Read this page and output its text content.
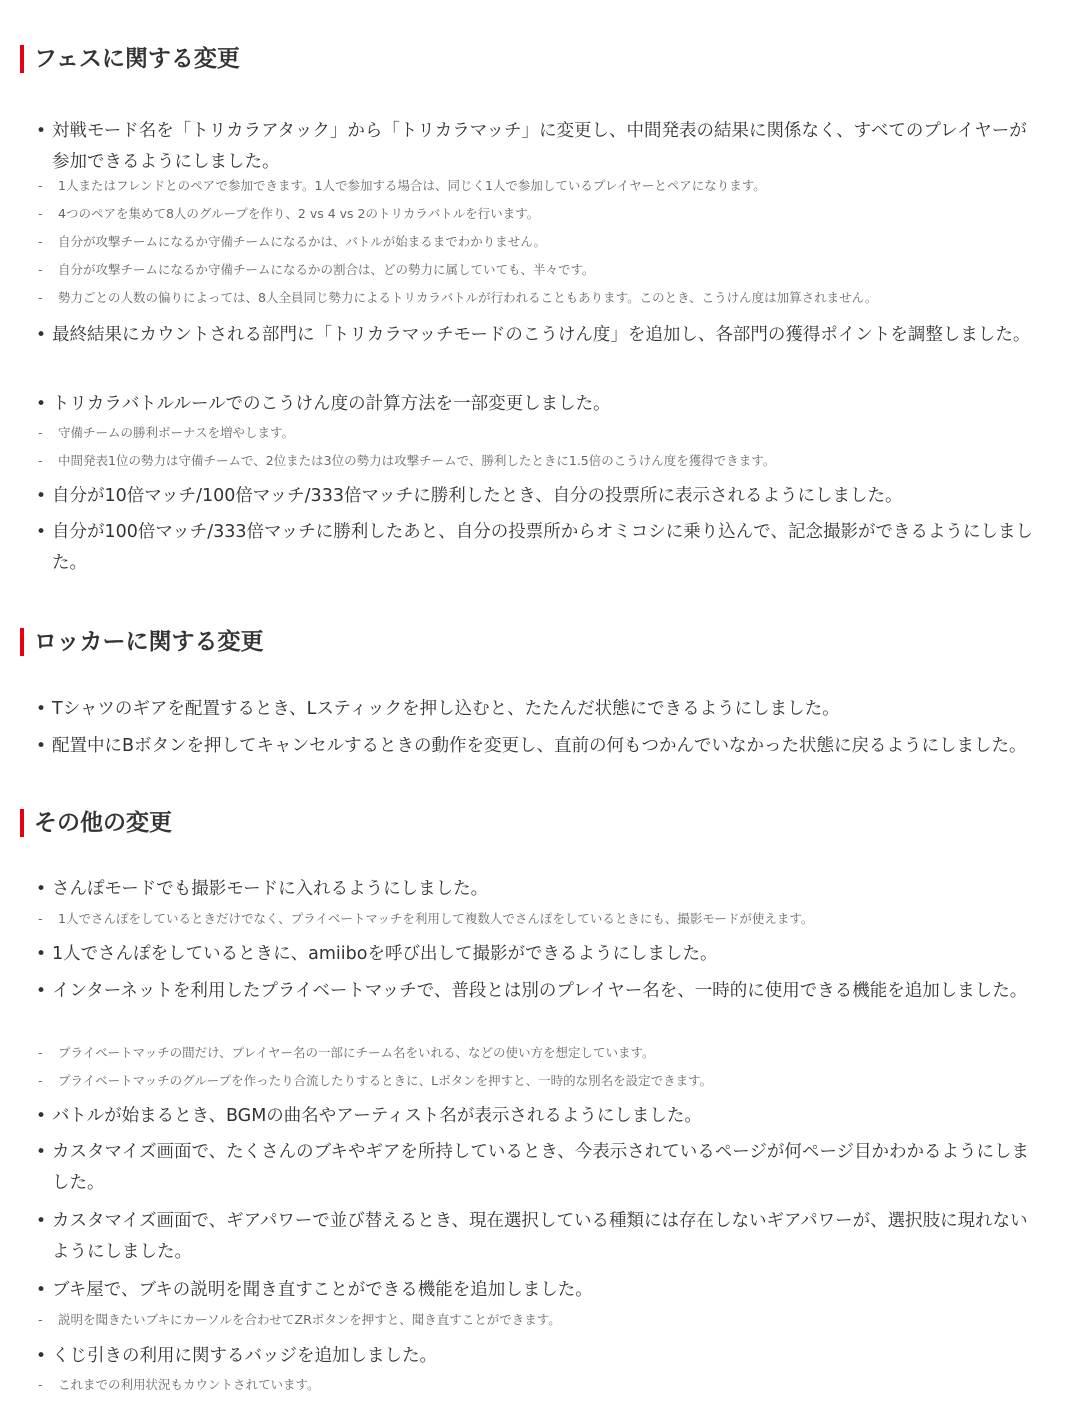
フェスに関する変更
• 対戦モード名を「トリカラアタック」から「トリカラマッチ」に変更し、中間発表の結果に関係なく、すべてのプレイヤーが参加できるようにしました。
-	1人またはフレンドとのペアで参加できます。1人で参加する場合は、同じく1人で参加しているプレイヤーとペアになります。
-	4つのペアを集めて8人のグループを作り、2 vs 4 vs 2のトリカラバトルを行います。
-	自分が攻撃チームになるか守備チームになるかは、バトルが始まるまでわかりません。
-	自分が攻撃チームになるか守備チームになるかの割合は、どの勢力に属していても、半々です。
-	勢力ごとの人数の偏りによっては、8人全員同じ勢力によるトリカラバトルが行われることもあります。このとき、こうけん度は加算されません。
• 最終結果にカウントされる部門に「トリカラマッチモードのこうけん度」を追加し、各部門の獲得ポイントを調整しました。
• トリカラバトルルールでのこうけん度の計算方法を一部変更しました。
-	守備チームの勝利ボーナスを増やします。
-	中間発表1位の勢力は守備チームで、2位または3位の勢力は攻撃チームで、勝利したときに1.5倍のこうけん度を獲得できます。
• 自分が10倍マッチ/100倍マッチ/333倍マッチに勝利したとき、自分の投票所に表示されるようにしました。
• 自分が100倍マッチ/333倍マッチに勝利したあと、自分の投票所からオミコシに乗り込んで、記念撮影ができるようにしました。
ロッカーに関する変更
• Tシャツのギアを配置するとき、Lスティックを押し込むと、たたんだ状態にできるようにしました。
• 配置中にBボタンを押してキャンセルするときの動作を変更し、直前の何もつかんでいなかった状態に戻るようにしました。
その他の変更
• さんぽモードでも撮影モードに入れるようにしました。
-	1人でさんぽをしているときだけでなく、プライベートマッチを利用して複数人でさんぽをしているときにも、撮影モードが使えます。
• 1人でさんぽをしているときに、amiiboを呼び出して撮影ができるようにしました。
• インターネットを利用したプライベートマッチで、普段とは別のプレイヤー名を、一時的に使用できる機能を追加しました。
-	プライベートマッチの間だけ、プレイヤー名の一部にチーム名をいれる、などの使い方を想定しています。
-	プライベートマッチのグループを作ったり合流したりするときに、Lボタンを押すと、一時的な別名を設定できます。
• バトルが始まるとき、BGMの曲名やアーティスト名が表示されるようにしました。
• カスタマイズ画面で、たくさんのブキやギアを所持しているとき、今表示されているページが何ページ目かわかるようにしました。
• カスタマイズ画面で、ギアパワーで並び替えるとき、現在選択している種類には存在しないギアパワーが、選択肢に現れないようにしました。
• ブキ屋で、ブキの説明を聞き直すことができる機能を追加しました。
-	説明を聞きたいブキにカーソルを合わせてZRボタンを押すと、聞き直すことができます。
• くじ引きの利用に関するバッジを追加しました。
-	これまでの利用状況もカウントされています。
